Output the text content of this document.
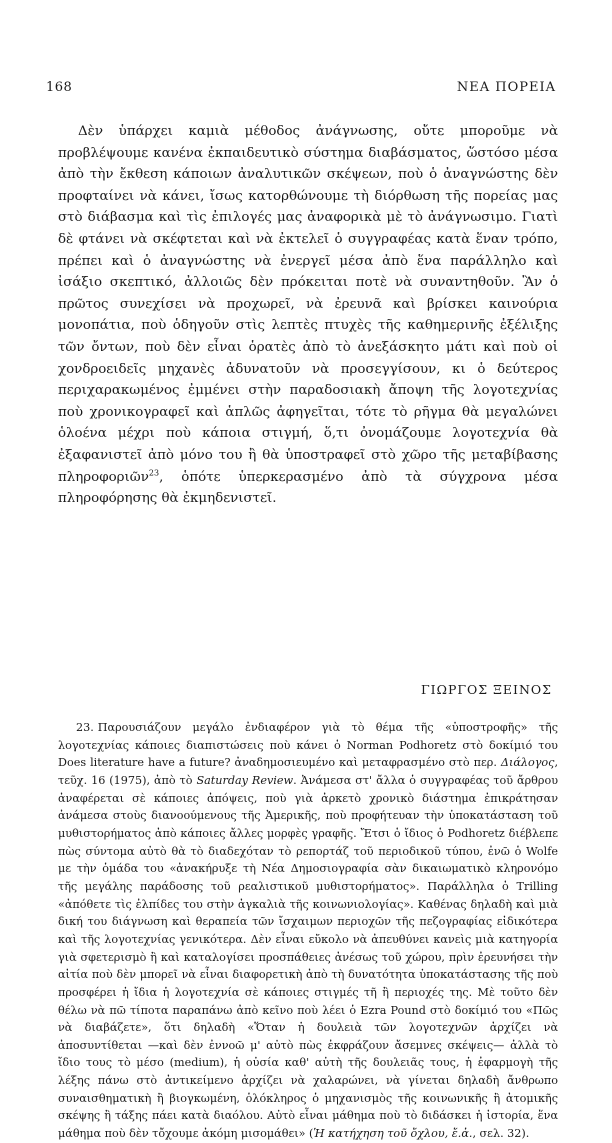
168	ΝΕΑ ΠΟΡΕΙΑ

Δὲν ὑπάρχει καμιὰ μέθοδος ἀνάγνωσης, οὔτε μποροῦμε νὰ προβλέψουμε κανένα ἐκπαιδευτικὸ σύστημα διαβάσματος, ὥστόσο μέσα ἀπὸ τὴν ἔκθεση κάποιων ἀναλυτικῶν σκέψεων, ποὺ ὁ ἀναγνώστης δὲν προφταίνει νὰ κάνει, ἴσως κατορθώνουμε τὴ διόρθωση τῆς πορείας μας στὸ διάβασμα καὶ τὶς ἐπιλογές μας ἀναφορικὰ μὲ τὸ ἀνάγνωσιμο. Γιατὶ δὲ φτάνει νὰ σκέφτεται καὶ νὰ ἐκτελεῖ ὁ συγγραφέας κατὰ ἕναν τρόπο, πρέπει καὶ ὁ ἀναγνώστης νὰ ἐνεργεῖ μέσα ἀπὸ ἕνα παράλληλο καὶ ἰσάξιο σκεπτικό, ἀλλοιῶς δὲν πρόκειται ποτὲ νὰ συναντηθοῦν. Ἂν ὁ πρῶτος συνεχίσει νὰ προχωρεῖ, νὰ ἐρευνᾶ καὶ βρίσκει καινούρια μονοπάτια, ποὺ ὁδηγοῦν στὶς λεπτὲς πτυχὲς τῆς καθημερινῆς ἐξέλιξης τῶν ὄντων, ποὺ δὲν εἶναι ὁρατὲς ἀπὸ τὸ ἀνεξάσκητο μάτι καὶ ποὺ οἱ χονδροειδεῖς μηχανὲς ἀδυνατοῦν νὰ προσεγγίσουν, κι ὁ δεύτερος περιχαρακωμένος ἐμμένει στὴν παραδοσιακὴ ἄποψη τῆς λογοτεχνίας ποὺ χρονικογραφεῖ καὶ ἁπλῶς ἀφηγεῖται, τότε τὸ ρῆγμα θὰ μεγαλώνει ὁλοένα μέχρι ποὺ κάποια στιγμή, ὅ,τι ὀνομάζουμε λογοτεχνία θὰ ἐξαφανιστεῖ ἀπὸ μόνο του ἢ θὰ ὑποστραφεῖ στὸ χῶρο τῆς μεταβίβασης πληροφοριῶν$^{23}$, ὁπότε ὑπερκερασμένο ἀπὸ τὰ σύγχρονα μέσα πληροφόρησης θὰ ἐκμηδενιστεῖ.

ΓΙΩΡΓΟΣ ΞΕΙΝΟΣ

23. Παρουσιάζουν μεγάλο ἐνδιαφέρον γιὰ τὸ θέμα τῆς «ὑποστροφῆς» τῆς λογοτεχνίας κάποιες διαπιστώσεις ποὺ κάνει ὁ Norman Podhoretz στὸ δοκίμιό του Does literature have a future? ἀναδημοσιευμένο καὶ μεταφρασμένο στὸ περ. Διάλογος, τεῦχ. 16 (1975), ἀπὸ τὸ Saturday Review. Ἀνάμεσα στ' ἄλλα ὁ συγγραφέας τοῦ ἄρθρου ἀναφέρεται σὲ κάποιες ἀπόψεις, ποὺ γιὰ ἀρκετὸ χρονικὸ διάστημα ἐπικράτησαν ἀνάμεσα στοὺς διανοούμενους τῆς Ἀμερικῆς, ποὺ προφήτευαν τὴν ὑποκατάσταση τοῦ μυθιστορήματος ἀπὸ κάποιες ἄλλες μορφὲς γραφῆς. Ἔτσι ὁ ἴδιος ὁ Podhoretz διέβλεπε πὼς σύντομα αὐτὸ θὰ τὸ διαδεχόταν τὸ ρεπορτάζ τοῦ περιοδικοῦ τύπου, ἐνῶ ὁ Wolfe με τὴν ὁμάδα του «ἀνακήρυξε τὴ Νέα Δημοσιογραφία σὰν δικαιωματικὸ κληρονόμο τῆς μεγάλης παράδοσης τοῦ ρεαλιστικοῦ μυθιστορήματος». Παράλληλα ὁ Trilling «ἀπόθετε τὶς ἐλπίδες του στὴν ἀγκαλιὰ τῆς κοινωνιολογίας». Καθένας δηλαδὴ καὶ μιὰ δική του διάγνωση καὶ θεραπεία τῶν ἴσχαιμων περιοχῶν τῆς πεζογραφίας εἰδικότερα καὶ τῆς λογοτεχνίας γενικότερα. Δὲν εἶναι εὔκολο νὰ ἀπευθύνει κανεὶς μιὰ κατηγορία γιὰ σφετερισμὸ ἢ καὶ καταλογίσει προσπάθειες ἀνέσως τοῦ χώρου, πρὶν ἐρευνήσει τὴν αἰτία ποὺ δὲν μπορεῖ νὰ εἶναι διαφορετικὴ ἀπὸ τὴ δυνατότητα ὑποκατάστασης τῆς ποὺ προσφέρει ἡ ἴδια ἡ λογοτεχνία σὲ κάποιες στιγμές τῆ ἢ περιοχές της. Μὲ τοῦτο δὲν θέλω νὰ πῶ τίποτα παραπάνω ἀπὸ κεῖνο ποὺ λέει ὁ Ezra Pound στὸ δοκίμιό του «Πῶς νὰ διαβάζετε», ὅτι δηλαδὴ «Ὅταν ἡ δουλειὰ τῶν λογοτεχνῶν ἀρχίζει νὰ ἀποσυντίθεται —καὶ δὲν ἐννοῶ μ' αὐτὸ πὼς ἐκφράζουν ἄσεμνες σκέψεις— ἀλλὰ τὸ ἴδιο τους τὸ μέσο (medium), ἡ οὐσία καθ' αὐτὴ τῆς δουλειᾶς τους, ἡ ἐφαρμογὴ τῆς λέξης πάνω στὸ ἀντικείμενο ἀρχίζει νὰ χαλαρώνει, νὰ γίνεται δηλαδὴ ἄνθρωπο συναισθηματικὴ ἢ βιογκωμένη, ὁλόκληρος ὁ μηχανισμὸς τῆς κοινωνικῆς ἢ ἀτομικῆς σκέψης ἢ τάξης πάει κατὰ διαόλου. Αὐτὸ εἶναι μάθημα ποὺ τὸ διδάσκει ἡ ἱστορία, ἕνα μάθημα ποὺ δὲν τὄχουμε ἀκόμη μισομάθει» (Ἡ κατήχηση τοῦ ὄχλου, ἔ.ἀ., σελ. 32).
